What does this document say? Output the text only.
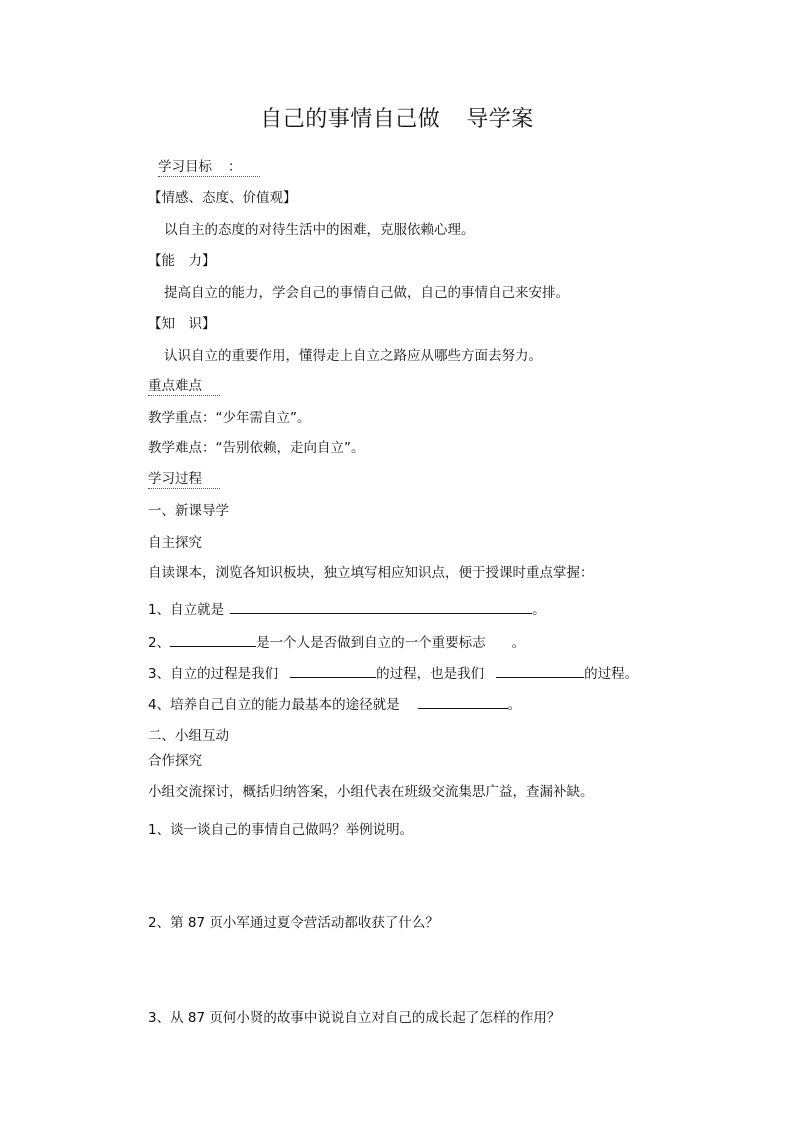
自己的事情自己做 导学案
学习目标 ：
【情感、态度、价值观】
以自主的态度的对待生活中的困难，克服依赖心理。
【能　力】
提高自立的能力，学会自己的事情自己做，自己的事情自己来安排。
【知　识】
认识自立的重要作用，懂得走上自立之路应从哪些方面去努力。
重点难点
教学重点：“少年需自立”。
教学难点：“告别依赖，走向自立”。
学习过程
一、新课导学
自主探究
自读课本，浏览各知识板块，独立填写相应知识点，便于授课时重点掌握：
1、自立就是	。
2、	是一个人是否做到自立的一个重要标志 。
3、自立的过程是我们	的过程，也是我们	的过程。
4、培养自己自立的能力最基本的途径就是	。
二、小组互动
合作探究
小组交流探讨，概括归纳答案，小组代表在班级交流集思广益，查漏补缺。
1、谈一谈自己的事情自己做吗？举例说明。
2、第 87 页小军通过夏令营活动都收获了什么？
3、从 87 页何小贤的故事中说说自立对自己的成长起了怎样的作用？
